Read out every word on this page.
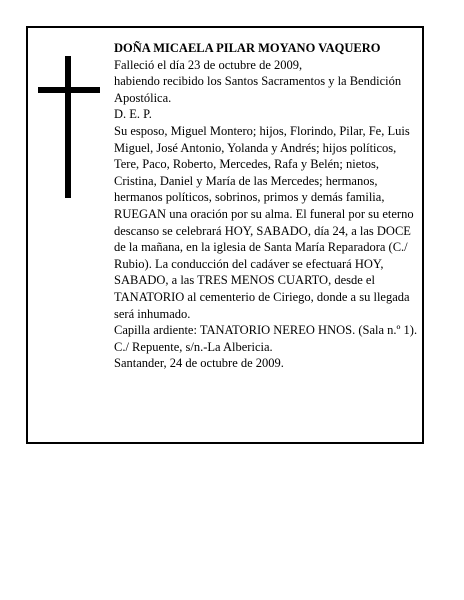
DOÑA MICAELA PILAR MOYANO VAQUERO

Falleció el día 23 de octubre de 2009,

habiendo recibido los Santos Sacramentos y la Bendición Apostólica.

D. E. P.

Su esposo, Miguel Montero; hijos, Florindo, Pilar, Fe, Luis Miguel, José Antonio, Yolanda y Andrés; hijos políticos, Tere, Paco, Roberto, Mercedes, Rafa y Belén; nietos, Cristina, Daniel y María de las Mercedes; hermanos, hermanos políticos, sobrinos, primos y demás familia,

RUEGAN una oración por su alma. El funeral por su eterno descanso se celebrará HOY, SABADO, día 24, a las DOCE de la mañana, en la iglesia de Santa María Reparadora (C./ Rubio). La conducción del cadáver se efectuará HOY, SABADO, a las TRES MENOS CUARTO, desde el TANATORIO al cementerio de Ciriego, donde a su llegada será inhumado.

Capilla ardiente: TANATORIO NEREO HNOS. (Sala n.º 1). C./ Repuente, s/n.-La Albericia.

Santander, 24 de octubre de 2009.
